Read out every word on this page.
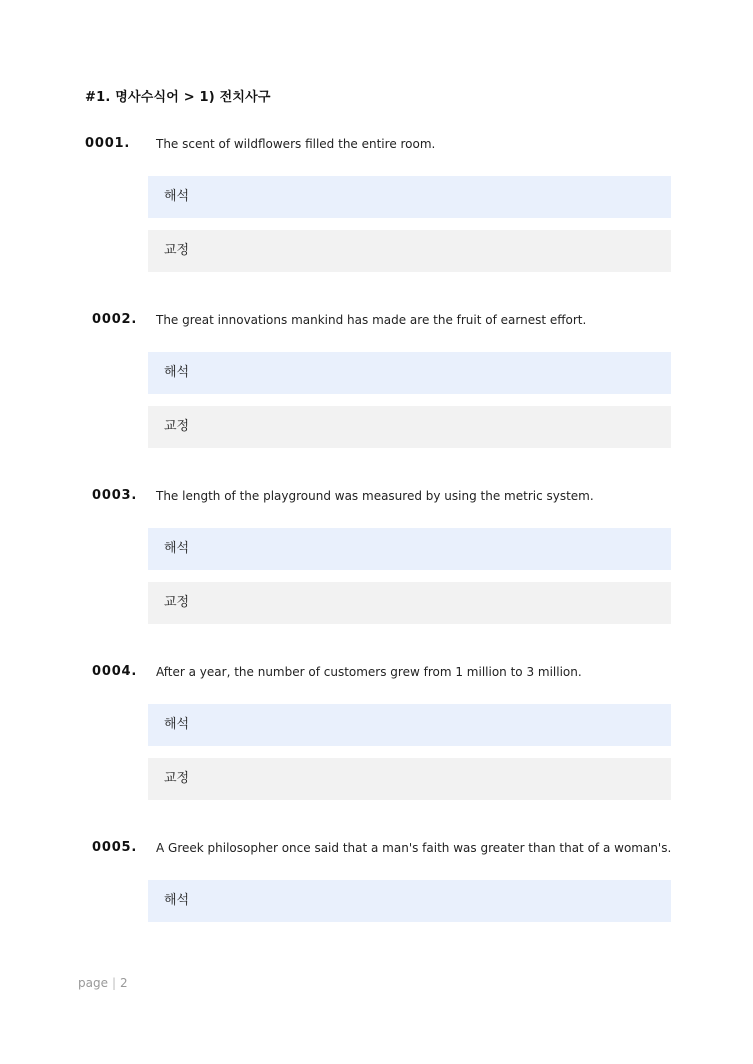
#1. 명사수식어 > 1) 전치사구
0001. The scent of wildflowers filled the entire room.
해석
교정
0002. The great innovations mankind has made are the fruit of earnest effort.
해석
교정
0003. The length of the playground was measured by using the metric system.
해석
교정
0004. After a year, the number of customers grew from 1 million to 3 million.
해석
교정
0005. A Greek philosopher once said that a man's faith was greater than that of a woman's.
해석
page | 2
